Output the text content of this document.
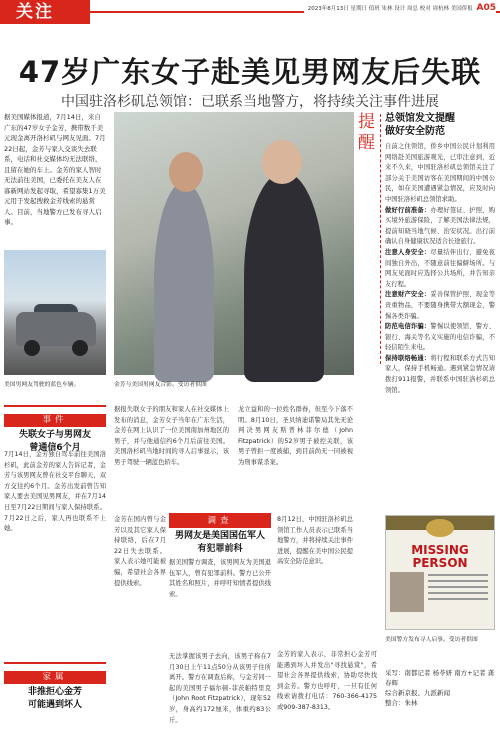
关注	2023年8月13日 星期日 值班 朱林 设计 周总 校对 周杭林 美国侨报 A05
47岁广东女子赴美见男网友后失联
中国驻洛杉矶总领馆：已联系当地警方，将持续关注事件进展
据美国媒体报道，7月14日，来自广东的47岁女子金芳，携带数千美元现金离开洛杉矶与网友见面。7月22日起，金芳与家人交谈失去联系，电话和社交媒体均无法联络，且留在她的车上。金芳的家人智时无法前往美国，已委托在美友人在寡新网站发起寻取，希望寡集1万美元用于发起搜救金芳线索的悬赏人。目前，当地警方已发布寻人启事。
美国男网友驾驶的蓝色车辆。	金芳与美国男网友合影。受访者供图
提醒	总领馆发文提醒
做好安全防范
自前之住领馆，侨乡中国公民计划利用网络赴美国旅游观光，已审注意到，近来不久来，中国驻洛杉矶总领馆关注了部分关于美国访客在美国期间的中国公民，如在美国遭遇紧急情况，应及时向中国驻洛杉矶总领馆求助。
做好行前准备：办理好签证、护照，购买境外旅游保险，了解美国法律法规，提前知晓当地气候、治安状况。出行前确认自身健康状况适合长途旅行。
注意人身安全：尽量结伴出行，避免夜间独自外出，不随意前往偏僻场所。与网友见面时应选择公共场所，并告知亲友行程。
注意财产安全：妥善保管护照、现金等贵重物品，不要随身携带大额现金，警惕各类诈骗。
防范电信诈骗：警惕以使领馆、警方、银行、海关等名义实施的电信诈骗，不轻信陌生来电。
保持联络畅通：将行程和联系方式告知家人，保持手机畅通。遇到紧急情况请拨打911报警，并联系中国驻洛杉矶总领馆。
MISSING PERSON
美国警方发布寻人启事。受访者供图
采写：南都记者 杨苓妍 南方+记者 龚春辉
综合新京报、九派新闻
整合：朱林
事件
失联女子与男网友
曾通信6个月
7月14日，金芳独自驾车前往美国洛杉矶，此前金芳的家人告诉记者，金芳与该男网友曾在社交平台聊天，双方交往约6个月。金芳出发前曾告知家人要去美国见男网友，并在7月14日至7月22日期间与家人保持联系。7月22日之后，家人再也联系不上她。
家属
非推拒心金芳
可能遇到坏人
据报失联女子的朋友和家人在社交媒体上发布的消息，金芳女子当年在广东生活，金芳在网上认识了一位美国南加州地区的男子，并与他通信约6个月后前往美国。美国洛杉矶当地时间的寻人启事显示，该男子驾驶一辆蓝色轿车。
龙立益和的一拉姓名群眷，但至今下落不明。8月10日，圣贝纳迪诺警局其先无论判决男网友斯普林菲尔德（John Fitzpatrick）的52岁男子被控关联，该男子曾拒一度被捕，到目前尚无一同被视为刑事谋杀案。
金芳在国内曾与金芳以及其它家人保持联络，后在7月22日失去联系。家人表示她可能被骗，希望社会各界提供线索。
8月12日，中国驻洛杉矶总领馆工作人员表示已联系当地警方，并将持续关注事件进展，提醒在美中国公民提高安全防范意识。
调查
男网友是美国国伍军人
有犯罪前科
据美国警方调查，该男网友为美国退伍军人，曾有犯罪前科。警方已公开其姓名和照片，并呼吁知情者提供线索。
无法掌握该男子去向，该男子称在7月30日上午11点50分从该男子住所离开。警方在调查后称，与金芳同一起的美国男子福尔顿-菲茨帕特里克（John Root Fitzpatrick），现年52岁，身高约172厘米，体重约83公斤。
金芳的家人表示，非常担心金芳可能遇到坏人并发出"寻找悬赏"，希望社会各界提供线索，协助尽快找到金芳。警方也呼吁，一旦有任何线索请拨打电话：760-366-4175或909-387-8313。
